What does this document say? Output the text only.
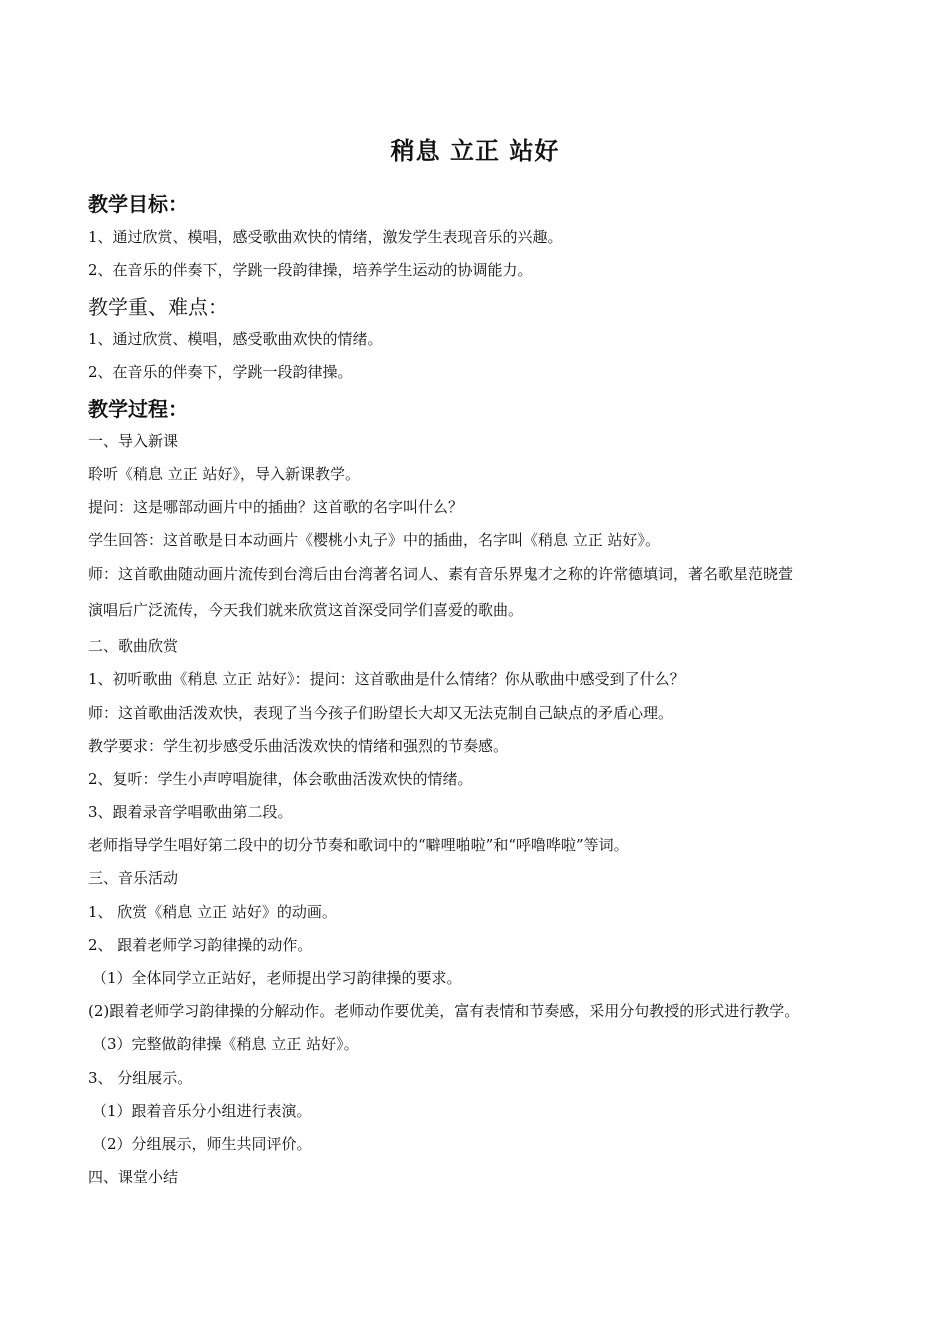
稍息 立正 站好
教学目标：
1、通过欣赏、模唱，感受歌曲欢快的情绪，激发学生表现音乐的兴趣。
2、在音乐的伴奏下，学跳一段韵律操，培养学生运动的协调能力。
教学重、难点：
1、通过欣赏、模唱，感受歌曲欢快的情绪。
2、在音乐的伴奏下，学跳一段韵律操。
教学过程：
一、导入新课
聆听《稍息 立正 站好》，导入新课教学。
提问：这是哪部动画片中的插曲？这首歌的名字叫什么？
学生回答：这首歌是日本动画片《樱桃小丸子》中的插曲，名字叫《稍息 立正 站好》。
师：这首歌曲随动画片流传到台湾后由台湾著名词人、素有音乐界鬼才之称的许常德填词，著名歌星范晓萱
演唱后广泛流传，今天我们就来欣赏这首深受同学们喜爱的歌曲。
二、歌曲欣赏
1、初听歌曲《稍息 立正 站好》：提问：这首歌曲是什么情绪？你从歌曲中感受到了什么？
师：这首歌曲活泼欢快，表现了当今孩子们盼望长大却又无法克制自己缺点的矛盾心理。
教学要求：学生初步感受乐曲活泼欢快的情绪和强烈的节奏感。
2、复听：学生小声哼唱旋律，体会歌曲活泼欢快的情绪。
3、跟着录音学唱歌曲第二段。
老师指导学生唱好第二段中的切分节奏和歌词中的“噼哩啪啦”和“呼噜哗啦”等词。
三、音乐活动
1、 欣赏《稍息 立正 站好》的动画。
2、 跟着老师学习韵律操的动作。
（1）全体同学立正站好，老师提出学习韵律操的要求。
(2)跟着老师学习韵律操的分解动作。老师动作要优美，富有表情和节奏感，采用分句教授的形式进行教学。
（3）完整做韵律操《稍息 立正 站好》。
3、 分组展示。
（1）跟着音乐分小组进行表演。
（2）分组展示，师生共同评价。
四、课堂小结
